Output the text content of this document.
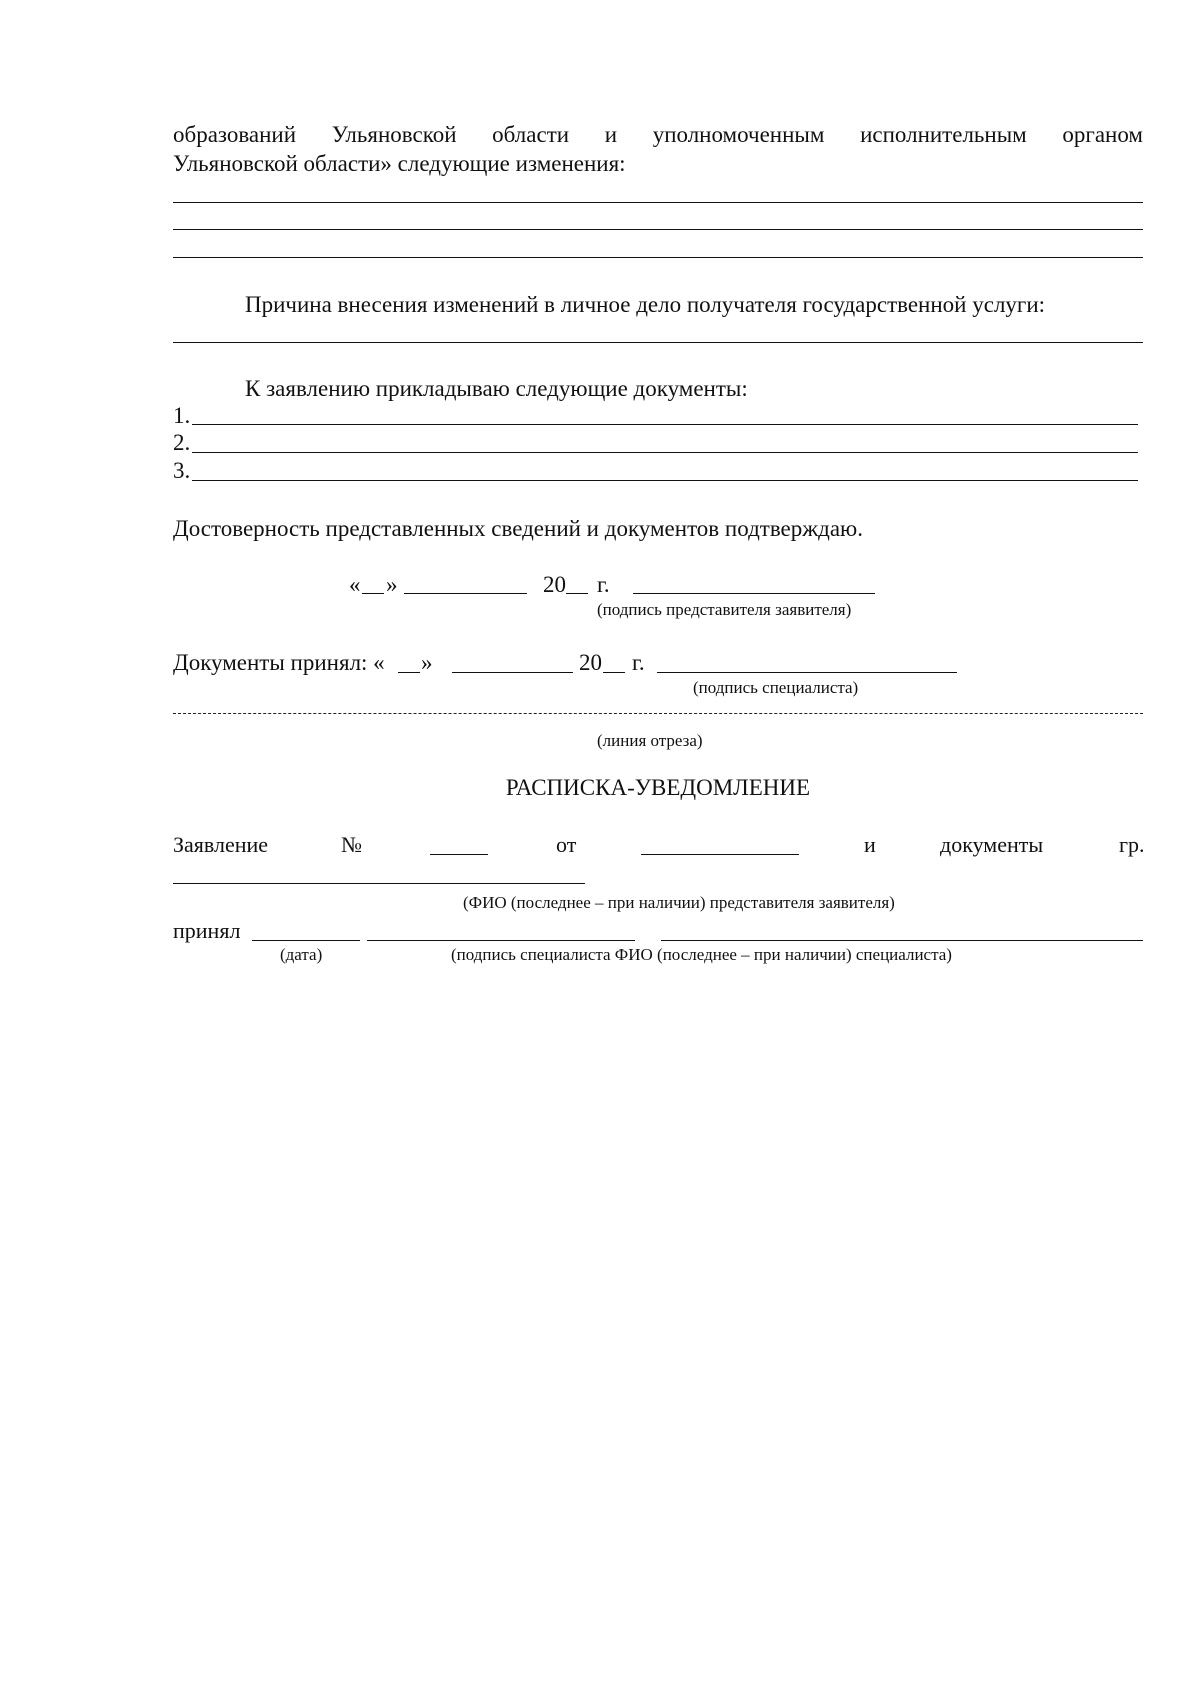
образований Ульяновской области и уполномоченным исполнительным органом
Ульяновской области» следующие изменения:
Причина внесения изменений в личное дело получателя государственной услуги:
К заявлению прикладываю следующие документы:
1.
2.
3.
Достоверность представленных сведений и документов подтверждаю.
« »	20 г.
(подпись представителя заявителя)
Документы принял: « »	20 г.
(подпись специалиста)
(линия отреза)
РАСПИСКА-УВЕДОМЛЕНИЕ
Заявление	№	от	и	документы	гр.
(ФИО (последнее – при наличии) представителя заявителя)
принял
(дата)	(подпись специалиста ФИО (последнее – при наличии) специалиста)
